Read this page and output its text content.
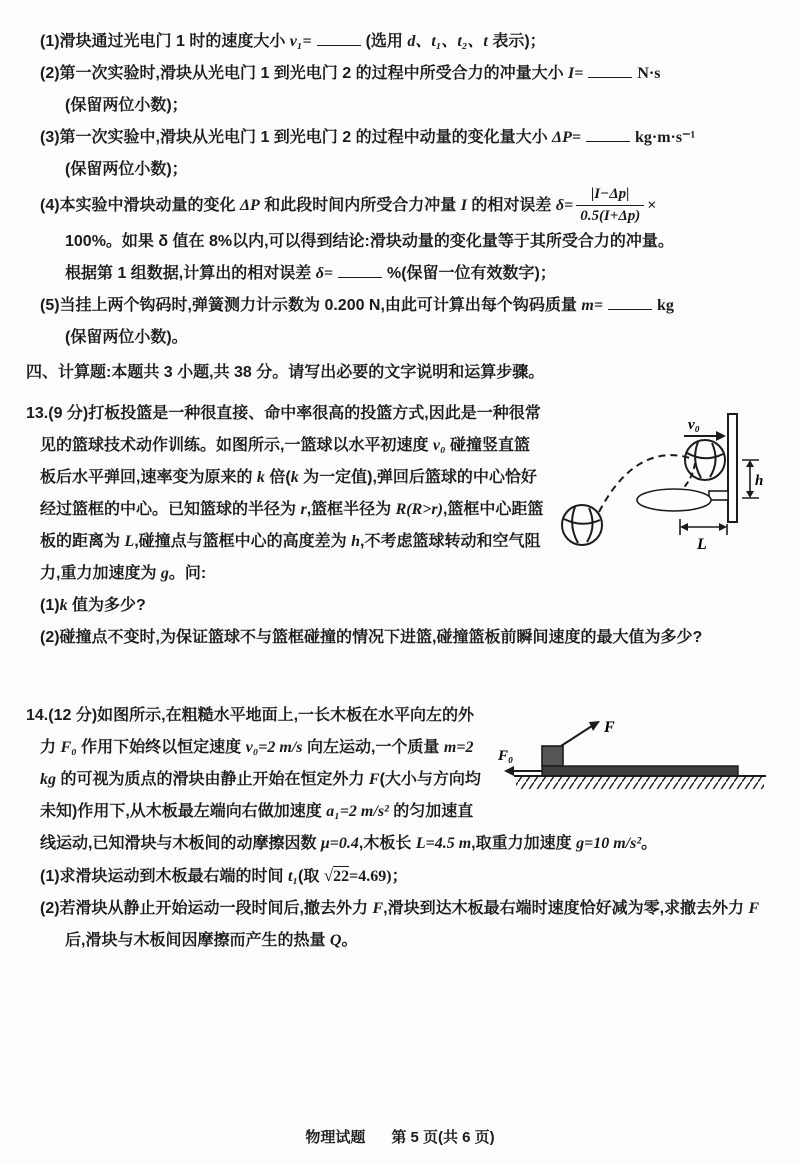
(1)滑块通过光电门 1 时的速度大小 v₁=	(选用 d、t₁、t₂、t 表示)；
(2)第一次实验时,滑块从光电门 1 到光电门 2 的过程中所受合力的冲量大小 I=	N·s
(保留两位小数)；
(3)第一次实验中,滑块从光电门 1 到光电门 2 的过程中动量的变化量大小 ΔP=	kg·m·s⁻¹
(保留两位小数)；
(4)本实验中滑块动量的变化 ΔP 和此段时间内所受合力冲量 I 的相对误差 $\delta= \frac{|I-\Delta p|}{0.5(I+\Delta p)}$ ×
100%。如果 δ 值在 8%以内,可以得到结论:滑块动量的变化量等于其所受合力的冲量。
根据第 1 组数据,计算出的相对误差 δ=	%(保留一位有效数字)；
(5)当挂上两个钩码时,弹簧测力计示数为 0.200 N,由此可计算出每个钩码质量 m=	kg
(保留两位小数)。
四、计算题:本题共 3 小题,共 38 分。请写出必要的文字说明和运算步骤。
v₀
h
L
13.(9 分)打板投篮是一种很直接、命中率很高的投篮方式,因此是一种很常见的篮球技术动作训练。如图所示,一篮球以水平初速度 v₀ 碰撞竖直篮板后水平弹回,速率变为原来的 k 倍(k 为一定值),弹回后篮球的中心恰好经过篮框的中心。已知篮球的半径为 r,篮框半径为 R(R>r),篮框中心距篮板的距离为 L,碰撞点与篮框中心的高度差为 h,不考虑篮球转动和空气阻力,重力加速度为 g。问:
(1)k 值为多少?
(2)碰撞点不变时,为保证篮球不与篮框碰撞的情况下进篮,碰撞篮板前瞬间速度的最大值为多少?
F
F₀
14.(12 分)如图所示,在粗糙水平地面上,一长木板在水平向左的外力 F₀ 作用下始终以恒定速度 v₀=2 m/s 向左运动,一个质量 m=2 kg 的可视为质点的滑块由静止开始在恒定外力 F(大小与方向均未知)作用下,从木板最左端向右做加速度 a₁=2 m/s² 的匀加速直线运动,已知滑块与木板间的动摩擦因数 μ=0.4,木板长 L=4.5 m,取重力加速度 g=10 m/s²。
(1)求滑块运动到木板最右端的时间 t₁(取 √22=4.69)；
(2)若滑块从静止开始运动一段时间后,撤去外力 F,滑块到达木板最右端时速度恰好减为零,求撤去外力 F 后,滑块与木板间因摩擦而产生的热量 Q。
物理试题 第 5 页(共 6 页)
